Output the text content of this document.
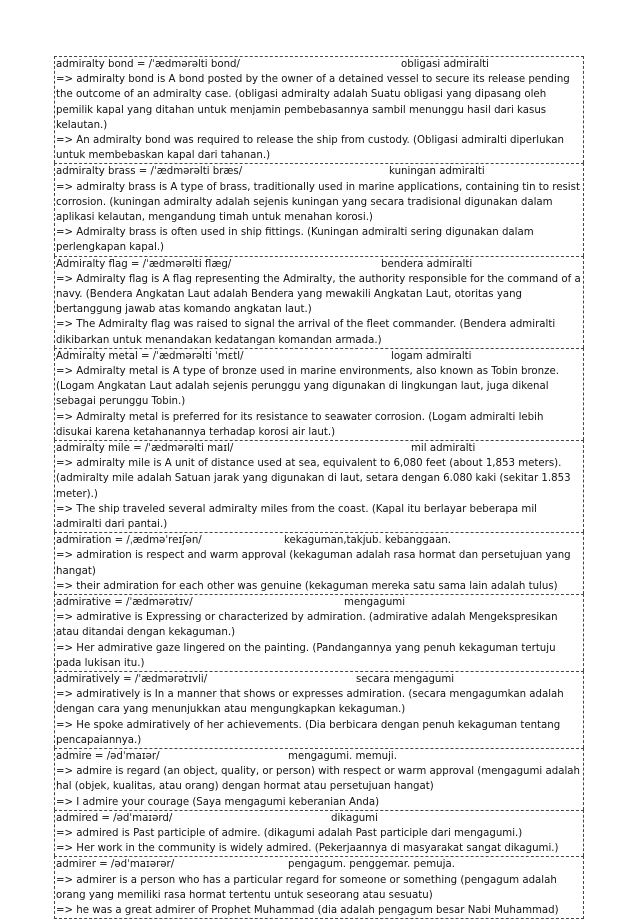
admiralty bond = /ˈædmərəlti bond/	obligasi admiralti
=> admiralty bond is A bond posted by the owner of a detained vessel to secure its release pending the outcome of an admiralty case. (obligasi admiralty adalah Suatu obligasi yang dipasang oleh pemilik kapal yang ditahan untuk menjamin pembebasannya sambil menunggu hasil dari kasus kelautan.)
=> An admiralty bond was required to release the ship from custody. (Obligasi admiralti diperlukan untuk membebaskan kapal dari tahanan.)
admiralty brass = /ˈædmərəlti bræs/	kuningan admiralti
=> admiralty brass is A type of brass, traditionally used in marine applications, containing tin to resist corrosion. (kuningan admiralty adalah sejenis kuningan yang secara tradisional digunakan dalam aplikasi kelautan, mengandung timah untuk menahan korosi.)
=> Admiralty brass is often used in ship fittings. (Kuningan admiralti sering digunakan dalam perlengkapan kapal.)
Admiralty flag = /ˈædmərəlti flæg/	bendera admiralti
=> Admiralty flag is A flag representing the Admiralty, the authority responsible for the command of a navy. (Bendera Angkatan Laut adalah Bendera yang mewakili Angkatan Laut, otoritas yang bertanggung jawab atas komando angkatan laut.)
=> The Admiralty flag was raised to signal the arrival of the fleet commander. (Bendera admiralti dikibarkan untuk menandakan kedatangan komandan armada.)
Admiralty metal = /ˈædmərəlti ˈmɛtl/	logam admiralti
=> Admiralty metal is A type of bronze used in marine environments, also known as Tobin bronze. (Logam Angkatan Laut adalah sejenis perunggu yang digunakan di lingkungan laut, juga dikenal sebagai perunggu Tobin.)
=> Admiralty metal is preferred for its resistance to seawater corrosion. (Logam admiralti lebih disukai karena ketahanannya terhadap korosi air laut.)
admiralty mile = /ˈædmərəlti maɪl/	mil admiralti
=> admiralty mile is A unit of distance used at sea, equivalent to 6,080 feet (about 1,853 meters). (admiralty mile adalah Satuan jarak yang digunakan di laut, setara dengan 6.080 kaki (sekitar 1.853 meter).)
=> The ship traveled several admiralty miles from the coast. (Kapal itu berlayar beberapa mil admiralti dari pantai.)
admiration = /ˌædməˈreɪʃən/	kekaguman,takjub. kebanggaan.
=> admiration is respect and warm approval (kekaguman adalah rasa hormat dan persetujuan yang hangat)
=> their admiration for each other was genuine (kekaguman mereka satu sama lain adalah tulus)
admirative = /ˈædmərətɪv/	mengagumi
=> admirative is Expressing or characterized by admiration. (admirative adalah Mengekspresikan atau ditandai dengan kekaguman.)
=> Her admirative gaze lingered on the painting. (Pandangannya yang penuh kekaguman tertuju pada lukisan itu.)
admiratively = /ˈædmərətɪvli/	secara mengagumi
=> admiratively is In a manner that shows or expresses admiration. (secara mengagumkan adalah dengan cara yang menunjukkan atau mengungkapkan kekaguman.)
=> He spoke admiratively of her achievements. (Dia berbicara dengan penuh kekaguman tentang pencapaiannya.)
admire = /ədˈmaɪər/	mengagumi. memuji.
=> admire is regard (an object, quality, or person) with respect or warm approval (mengagumi adalah hal (objek, kualitas, atau orang) dengan hormat atau persetujuan hangat)
=> I admire your courage (Saya mengagumi keberanian Anda)
admired = /ədˈmaɪərd/	dikagumi
=> admired is Past participle of admire. (dikagumi adalah Past participle dari mengagumi.)
=> Her work in the community is widely admired. (Pekerjaannya di masyarakat sangat dikagumi.)
admirer = /ədˈmaɪərər/	pengagum. penggemar. pemuja.
=> admirer is a person who has a particular regard for someone or something (pengagum adalah orang yang memiliki rasa hormat tertentu untuk seseorang atau sesuatu)
=> he was a great admirer of Prophet Muhammad (dia adalah pengagum besar Nabi Muhammad)
